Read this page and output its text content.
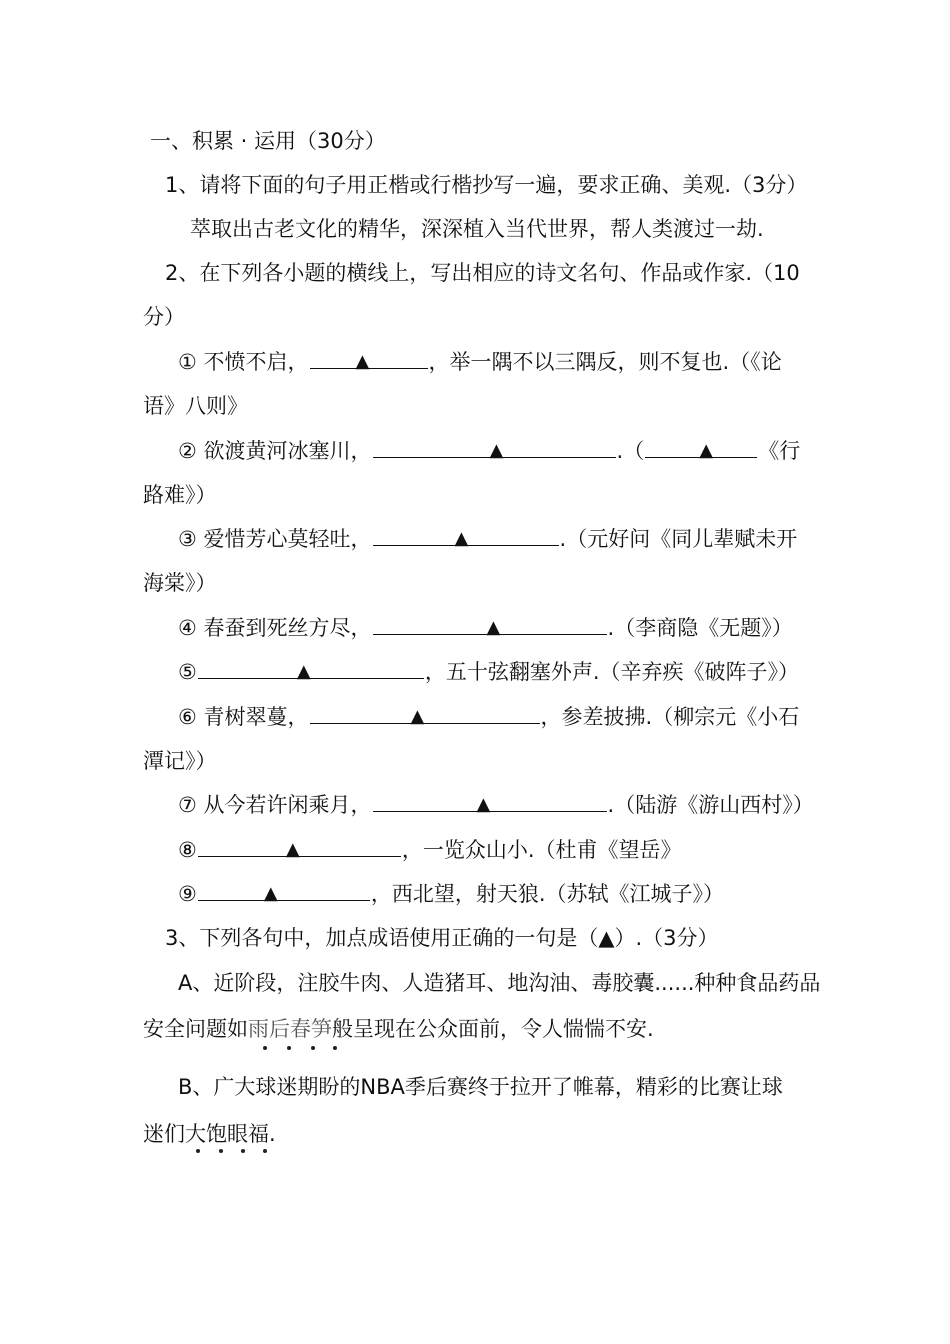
一、积累 · 运用（30分）
1、请将下面的句子用正楷或行楷抄写一遍，要求正确、美观.（3分）
萃取出古老文化的精华，深深植入当代世界，帮人类渡过一劫.
2、在下列各小题的横线上，写出相应的诗文名句、作品或作家.（10
分）
① 不愤不启，	▲	，举一隅不以三隅反，则不复也.（《论
语》八则》
② 欲渡黄河冰塞川，	▲	.（	▲ 《行
路难》）
③ 爱惜芳心莫轻吐，	▲	.（元好问《同儿辈赋未开
海棠》）
④ 春蚕到死丝方尽，	▲	.（李商隐《无题》）
⑤	▲	，五十弦翻塞外声.（辛弃疾《破阵子》）
⑥ 青树翠蔓，	▲	，参差披拂.（柳宗元《小石
潭记》）
⑦ 从今若许闲乘月，	▲	.（陆游《游山西村》）
⑧	▲	，一览众山小.（杜甫《望岳》
⑨	▲	，西北望，射天狼.（苏轼《江城子》）
3、下列各句中，加点成语使用正确的一句是（▲）.（3分）
A、近阶段，注胶牛肉、人造猪耳、地沟油、毒胶囊......种种食品药品
安全问题如雨后春笋般呈现在公众面前，令人惴惴不安.
B、广大球迷期盼的NBA季后赛终于拉开了帷幕，精彩的比赛让球
迷们大饱眼福.
